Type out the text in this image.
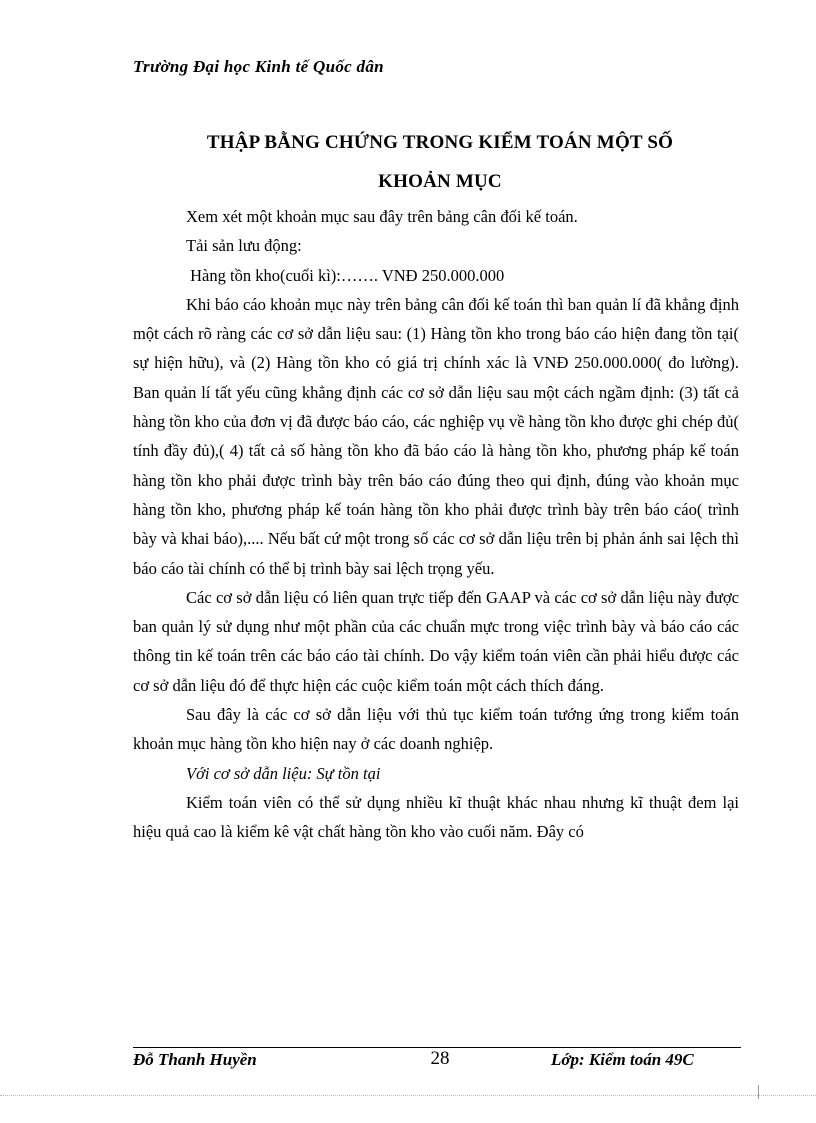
Trường Đại học Kinh tế Quốc dân
THẬP BẰNG CHỨNG TRONG KIỂM TOÁN MỘT SỐ
KHOẢN MỤC

Xem xét một khoản mục sau đây trên bảng cân đối kế toán.

Tải sản lưu động:

Hàng tồn kho(cuối kì):……. VNĐ 250.000.000

Khi báo cáo khoản mục này trên bảng cân đối kế toán thì ban quản lí đã khẳng định một cách rõ ràng các cơ sở dẫn liệu sau: (1) Hàng tồn kho trong báo cáo hiện đang tồn tại( sự hiện hữu), và (2) Hàng tồn kho có giá trị chính xác là VNĐ 250.000.000( đo lường). Ban quản lí tất yếu cũng khẳng định các cơ sở dẫn liệu sau một cách ngầm định: (3) tất cả hàng tồn kho của đơn vị đã được báo cáo, các nghiệp vụ về hàng tồn kho được ghi chép đủ( tính đầy đủ),( 4) tất cả số hàng tồn kho đã báo cáo là hàng tồn kho, phương pháp kế toán hàng tồn kho phải được trình bày trên báo cáo đúng theo qui định, đúng vào khoản mục hàng tồn kho, phương pháp kế toán hàng tồn kho phải được trình bày trên báo cáo( trình bày và khai báo),.... Nếu bất cứ một trong số các cơ sở dẫn liệu trên bị phản ánh sai lệch thì báo cáo tài chính có thể bị trình bày sai lệch trọng yếu.

Các cơ sở dẫn liệu có liên quan trực tiếp đến GAAP và các cơ sở dẫn liệu này được ban quản lý sử dụng như một phần của các chuẩn mực trong việc trình bày và báo cáo các thông tin kế toán trên các báo cáo tài chính. Do vậy kiểm toán viên cần phải hiểu được các cơ sở dẫn liệu đó để thực hiện các cuộc kiểm toán một cách thích đáng.

Sau đây là các cơ sở dẫn liệu với thủ tục kiểm toán tướng ứng trong kiểm toán khoản mục hàng tồn kho hiện nay ở các doanh nghiệp.

Với cơ sở dẫn liệu: Sự tồn tại

Kiểm toán viên có thể sử dụng nhiều kĩ thuật khác nhau nhưng kĩ thuật đem lại hiệu quả cao là kiểm kê vật chất hàng tồn kho vào cuối năm. Đây có

Đỗ Thanh Huyền	28	Lớp: Kiểm toán 49C
